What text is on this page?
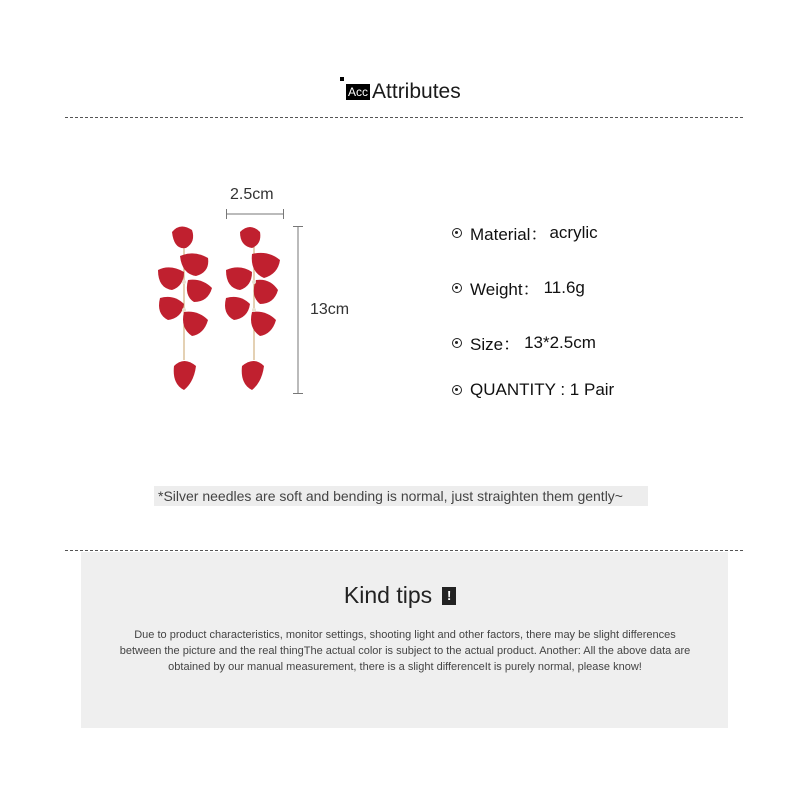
Acc Attributes
2.5cm
13cm
Material： acrylic
Weight： 11.6g
Size： 13*2.5cm
QUANTITY : 1 Pair
*Silver needles are soft and bending is normal, just straighten them gently~
Kind tips	!
Due to product characteristics, monitor settings, shooting light and other factors, there may be slight differences between the picture and the real thingThe actual color is subject to the actual product. Another: All the above data are obtained by our manual measurement, there is a slight differenceIt is purely normal, please know!
